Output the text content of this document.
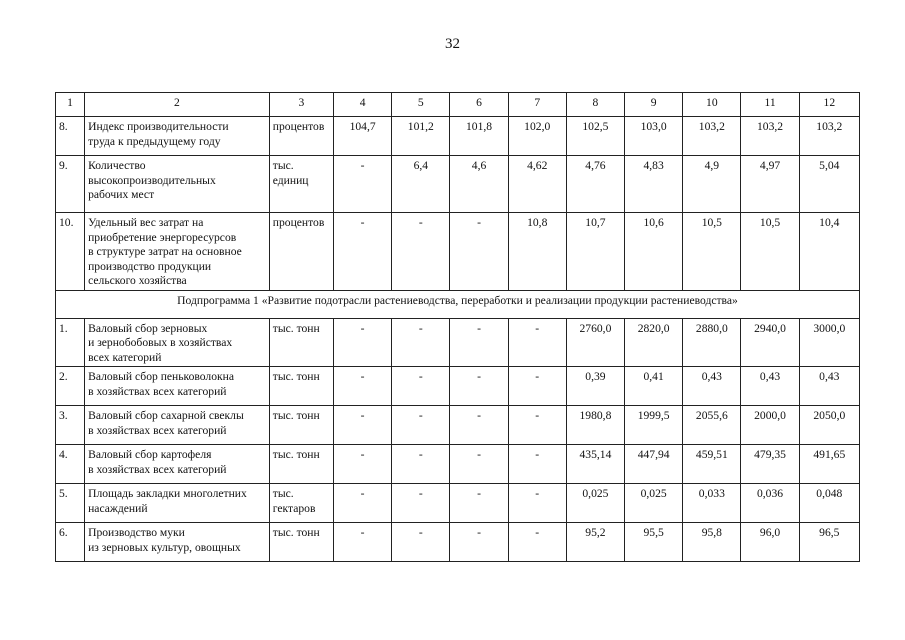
32
1	2	3	4	5	6	7	8	9	10	11	12
8.	Индекс производительности
труда к предыдущему году	процентов	104,7	101,2	101,8	102,0	102,5	103,0	103,2	103,2	103,2
9.	Количество
высокопроизводительных
рабочих мест	тыс.
единиц	-	6,4	4,6	4,62	4,76	4,83	4,9	4,97	5,04
10.	Удельный вес затрат на
приобретение энергоресурсов
в структуре затрат на основное
производство продукции
сельского хозяйства	процентов	-	-	-	10,8	10,7	10,6	10,5	10,5	10,4
Подпрограмма 1 «Развитие подотрасли растениеводства, переработки и реализации продукции растениеводства»											
1.	Валовый сбор зерновых
и зернобобовых в хозяйствах
всех категорий	тыс. тонн	-	-	-	-	2760,0	2820,0	2880,0	2940,0	3000,0
2.	Валовый сбор пеньковолокна
в хозяйствах всех категорий	тыс. тонн	-	-	-	-	0,39	0,41	0,43	0,43	0,43
3.	Валовый сбор сахарной свеклы
в хозяйствах всех категорий	тыс. тонн	-	-	-	-	1980,8	1999,5	2055,6	2000,0	2050,0
4.	Валовый сбор картофеля
в хозяйствах всех категорий	тыс. тонн	-	-	-	-	435,14	447,94	459,51	479,35	491,65
5.	Площадь закладки многолетних
насаждений	тыс.
гектаров	-	-	-	-	0,025	0,025	0,033	0,036	0,048
6.	Производство муки
из зерновых культур, овощных	тыс. тонн	-	-	-	-	95,2	95,5	95,8	96,0	96,5
